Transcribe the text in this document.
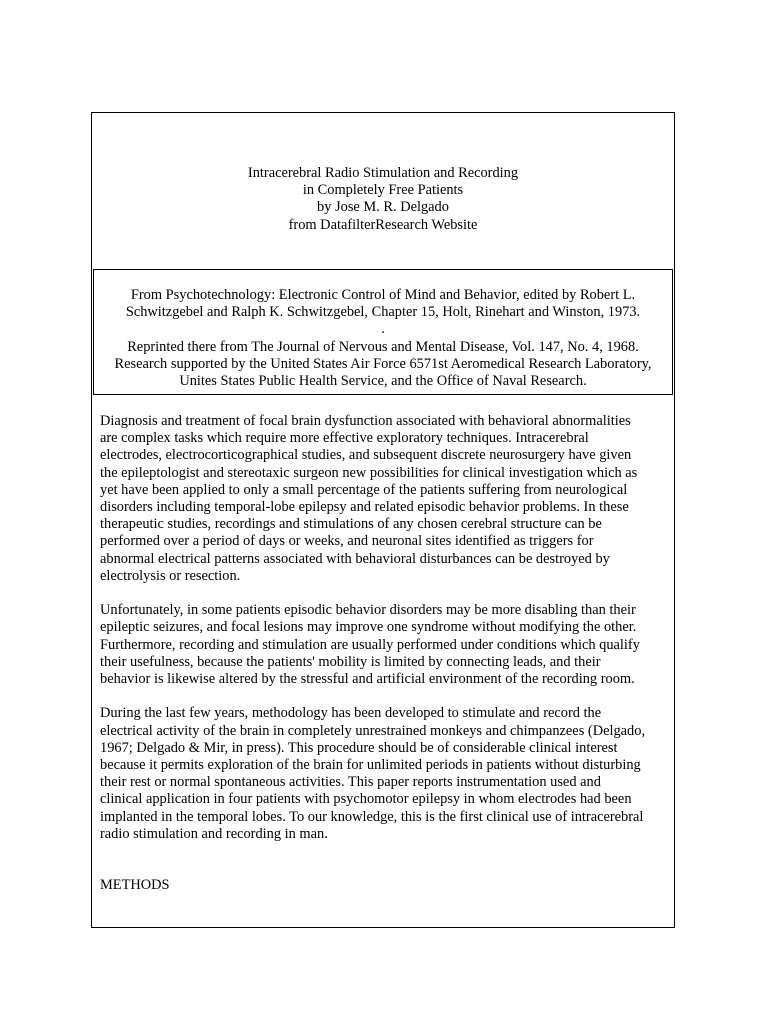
Intracerebral Radio Stimulation and Recording
in Completely Free Patients
by Jose M. R. Delgado
from DatafilterResearch Website
From Psychotechnology: Electronic Control of Mind and Behavior, edited by Robert L.
Schwitzgebel and Ralph K. Schwitzgebel, Chapter 15, Holt, Rinehart and Winston, 1973.
.
Reprinted there from The Journal of Nervous and Mental Disease, Vol. 147, No. 4, 1968.
Research supported by the United States Air Force 6571st Aeromedical Research Laboratory,
Unites States Public Health Service, and the Office of Naval Research.
Diagnosis and treatment of focal brain dysfunction associated with behavioral abnormalities
are complex tasks which require more effective exploratory techniques. Intracerebral
electrodes, electrocorticographical studies, and subsequent discrete neurosurgery have given
the epileptologist and stereotaxic surgeon new possibilities for clinical investigation which as
yet have been applied to only a small percentage of the patients suffering from neurological
disorders including temporal-lobe epilepsy and related episodic behavior problems. In these
therapeutic studies, recordings and stimulations of any chosen cerebral structure can be
performed over a period of days or weeks, and neuronal sites identified as triggers for
abnormal electrical patterns associated with behavioral disturbances can be destroyed by
electrolysis or resection.
Unfortunately, in some patients episodic behavior disorders may be more disabling than their
epileptic seizures, and focal lesions may improve one syndrome without modifying the other.
Furthermore, recording and stimulation are usually performed under conditions which qualify
their usefulness, because the patients' mobility is limited by connecting leads, and their
behavior is likewise altered by the stressful and artificial environment of the recording room.
During the last few years, methodology has been developed to stimulate and record the
electrical activity of the brain in completely unrestrained monkeys and chimpanzees (Delgado,
1967; Delgado & Mir, in press). This procedure should be of considerable clinical interest
because it permits exploration of the brain for unlimited periods in patients without disturbing
their rest or normal spontaneous activities. This paper reports instrumentation used and
clinical application in four patients with psychomotor epilepsy in whom electrodes had been
implanted in the temporal lobes. To our knowledge, this is the first clinical use of intracerebral
radio stimulation and recording in man.
METHODS
